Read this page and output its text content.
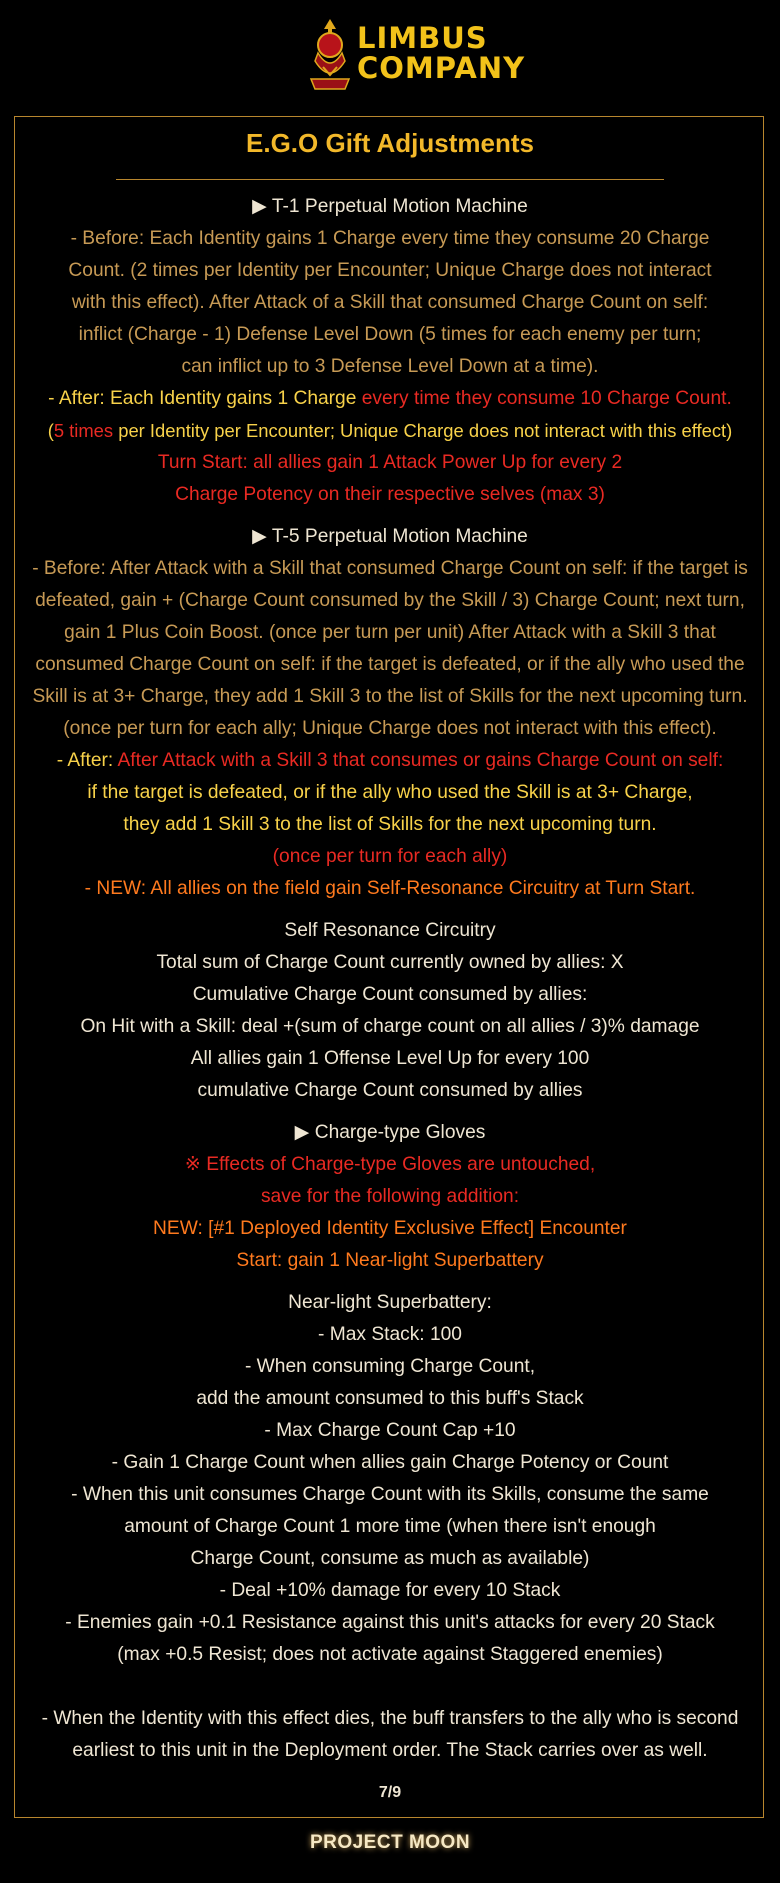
LIMBUS
COMPANY
E.G.O Gift Adjustments
▶ T-1 Perpetual Motion Machine
- Before: Each Identity gains 1 Charge every time they consume 20 Charge
Count. (2 times per Identity per Encounter; Unique Charge does not interact
with this effect). After Attack of a Skill that consumed Charge Count on self:
inflict (Charge - 1) Defense Level Down (5 times for each enemy per turn;
can inflict up to 3 Defense Level Down at a time).
- After: Each Identity gains 1 Charge every time they consume 10 Charge Count.
(5 times per Identity per Encounter; Unique Charge does not interact with this effect)
Turn Start: all allies gain 1 Attack Power Up for every 2
Charge Potency on their respective selves (max 3)
▶ T-5 Perpetual Motion Machine
- Before: After Attack with a Skill that consumed Charge Count on self: if the target is
defeated, gain + (Charge Count consumed by the Skill / 3) Charge Count; next turn,
gain 1 Plus Coin Boost. (once per turn per unit) After Attack with a Skill 3 that
consumed Charge Count on self: if the target is defeated, or if the ally who used the
Skill is at 3+ Charge, they add 1 Skill 3 to the list of Skills for the next upcoming turn.
(once per turn for each ally; Unique Charge does not interact with this effect).
- After: After Attack with a Skill 3 that consumes or gains Charge Count on self:
if the target is defeated, or if the ally who used the Skill is at 3+ Charge,
they add 1 Skill 3 to the list of Skills for the next upcoming turn.
(once per turn for each ally)
- NEW: All allies on the field gain Self-Resonance Circuitry at Turn Start.
Self Resonance Circuitry
Total sum of Charge Count currently owned by allies: X
Cumulative Charge Count consumed by allies:
On Hit with a Skill: deal +(sum of charge count on all allies / 3)% damage
All allies gain 1 Offense Level Up for every 100
cumulative Charge Count consumed by allies
▶ Charge-type Gloves
※ Effects of Charge-type Gloves are untouched,
save for the following addition:
NEW: [#1 Deployed Identity Exclusive Effect] Encounter
Start: gain 1 Near-light Superbattery
Near-light Superbattery:
- Max Stack: 100
- When consuming Charge Count,
add the amount consumed to this buff's Stack
- Max Charge Count Cap +10
- Gain 1 Charge Count when allies gain Charge Potency or Count
- When this unit consumes Charge Count with its Skills, consume the same
amount of Charge Count 1 more time (when there isn't enough
Charge Count, consume as much as available)
- Deal +10% damage for every 10 Stack
- Enemies gain +0.1 Resistance against this unit's attacks for every 20 Stack
(max +0.5 Resist; does not activate against Staggered enemies)
- When the Identity with this effect dies, the buff transfers to the ally who is second
earliest to this unit in the Deployment order. The Stack carries over as well.
7/9
PROJECT MOON
